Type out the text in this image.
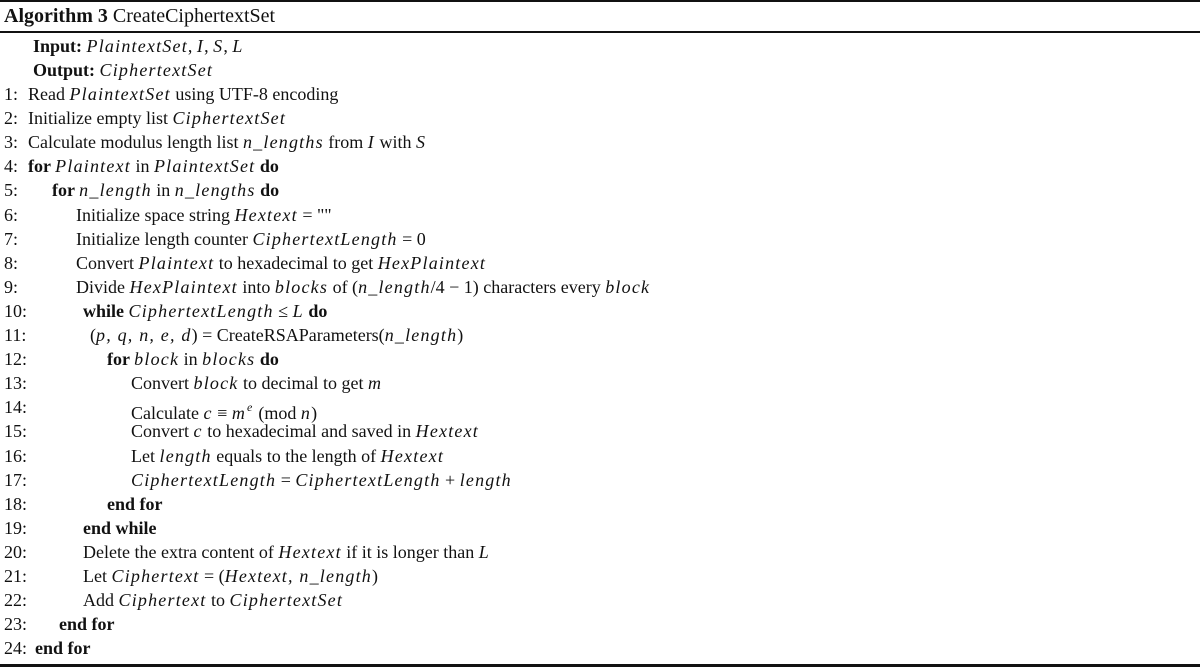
Algorithm 3 CreateCiphertextSet
Input: PlaintextSet, I, S, L
Output: CiphertextSet
1: Read PlaintextSet using UTF-8 encoding
2: Initialize empty list CiphertextSet
3: Calculate modulus length list n_lengths from I with S
4: for Plaintext in PlaintextSet do
5: for n_length in n_lengths do
6:	Initialize space string Hextext = ""
7:	Initialize length counter CiphertextLength = 0
8:	Convert Plaintext to hexadecimal to get HexPlaintext
9:	Divide HexPlaintext into blocks of (n_length/4 − 1) characters every block
10:	while CiphertextLength ≤ L do
11:	(p, q, n, e, d) = CreateRSAParameters(n_length)
12:	for block in blocks do
13:	Convert block to decimal to get m
14:	Calculate $c \equiv m^e$ (mod n)
15:	Convert c to hexadecimal and saved in Hextext
16:	Let length equals to the length of Hextext
17:	CiphertextLength = CiphertextLength + length
18:	end for
19:	end while
20:	Delete the extra content of Hextext if it is longer than L
21:	Let Ciphertext = (Hextext, n_length)
22:	Add Ciphertext to CiphertextSet
23: end for
24: end for
